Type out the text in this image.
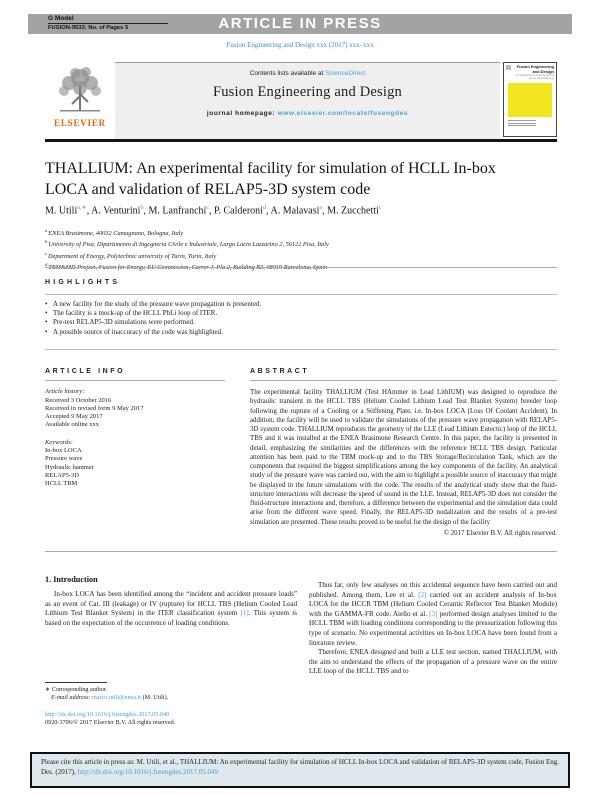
G Model
FUSION-9533; No. of Pages 5	ARTICLE IN PRESS
Fusion Engineering and Design xxx (2017) xxx–xxx
ELSEVIER
Contents lists available at ScienceDirect
Fusion Engineering and Design
journal homepage: www.elsevier.com/locate/fusengdes
Fusion Engineering and Design
An international journal for fusion energy and technology
THALLIUM: An experimental facility for simulation of HCLL In-box LOCA and validation of RELAP5-3D system code
M. Utili$^{a,∗}$, A. Venturini$^b$, M. Lanfranchi$^c$, P. Calderoni$^d$, A. Malavasi$^a$, M. Zucchetti$^c$
$^a$ENEA Brasimone, 40032 Camugnano, Bologna, Italy
$^b$University of Pisa, Dipartimento di Ingegneria Civile e Industriale, Largo Lucio Lazzarino 2, 56122 Pisa, Italy
$^c$Department of Energy, Polytechnic university of Turin, Turin, Italy
$^d$
HIGHLIGHTS
• A new facility for the study of the pressure wave propagation is presented.
• The facility is a mock-up of the HCLL PbLi loop of ITER.
• Pre-test RELAP5-3D simulations were performed.
• A possible source of inaccuracy of the code was highlighted.
ARTICLE INFO
Article history:
Received 3 October 2016
Received in revised form 9 May 2017
Accepted 9 May 2017
Available online xxx
Keywords:
In-box LOCA
Pressure wave
Hydraulic hammer
RELAP5-3D
HCLL TBM
ABSTRACT
The experimental facility THALLIUM (Test HAmmer in Lead LithIUM) was designed to reproduce the hydraulic transient in the HCLL TBS (Helium Cooled Lithium Lead Test Blanket System) breeder loop following the rupture of a Cooling or a Stiffening Plate, i.e. In-box LOCA (Loss Of Coolant Accident). In addition, the facility will be used to validate the simulations of the pressure wave propagation with RELAP5-3D system code. THALLIUM reproduces the geometry of the LLE (Lead Lithium Eutectic) loop of the HCLL TBS and it was installed at the ENEA Brasimone Research Centre. In this paper, the facility is presented in detail, emphasizing the similarities and the differences with the reference HCLL TBS design. Particular attention has been paid to the TBM mock-up and to the TBS Storage/Recirculation Tank, which are the components that required the biggest simplifications among the key components of the facility. An analytical study of the pressure wave was carried out, with the aim to highlight a possible source of inaccuracy that might be displayed in the future simulations with the code. The results of the analytical study show that the fluid-structure interactions will decrease the speed of sound in the LLE. Instead, RELAP5-3D does not consider the fluid-structure interactions and, therefore, a difference between the experimental and the simulation data could arise from the different wave speed. Finally, the RELAP5-3D nodalization and the results of a pre-test simulation are presented. These results proved to be useful for the design of the facility
© 2017 Elsevier B.V. All rights reserved.
1. Introduction
In-box LOCA has been identified among the “incident and accident pressure loads” as an event of Cat. III (leakage) or IV (rupture) for HCLL TBS (Helium Cooled Lead Lithium Test Blanket System) in the ITER classification system [1]. This system is based on the expectation of the occurrence of loading conditions.
Thus far, only few analyses on this accidental sequence have been carried out and published. Among them, Lee et al. [2] carried out an accident analysis of In-box LOCA for the HCCR TBM (Helium Cooled Ceramic Reflector Test Blanket Module) with the GAMMA-FR code. Aiello et al. [3] performed design analyses limited to the HCLL TBM with loading conditions corresponding to the pressurization following this type of scenario. No experimental activities on In-box LOCA have been found from a literature review.
Therefore, ENEA designed and built a LLE test section, named THALLIUM, with the aim to understand the effects of the propagation of a pressure wave on the entire LLE loop of the HCLL TBS and to
∗ Corresponding author.
E-mail address: marco.utili@enea.it (M. Utili).
http://dx.doi.org/10.1016/j.fusengdes.2017.05.049
0920-3796/© 2017 Elsevier B.V. All rights reserved.
Please cite this article in press as: M. Utili, et al., THALLIUM: An experimental facility for simulation of HCLL In-box LOCA and validation of RELAP5-3D system code, Fusion Eng. Des. (2017), http://dx.doi.org/10.1016/j.fusengdes.2017.05.049
